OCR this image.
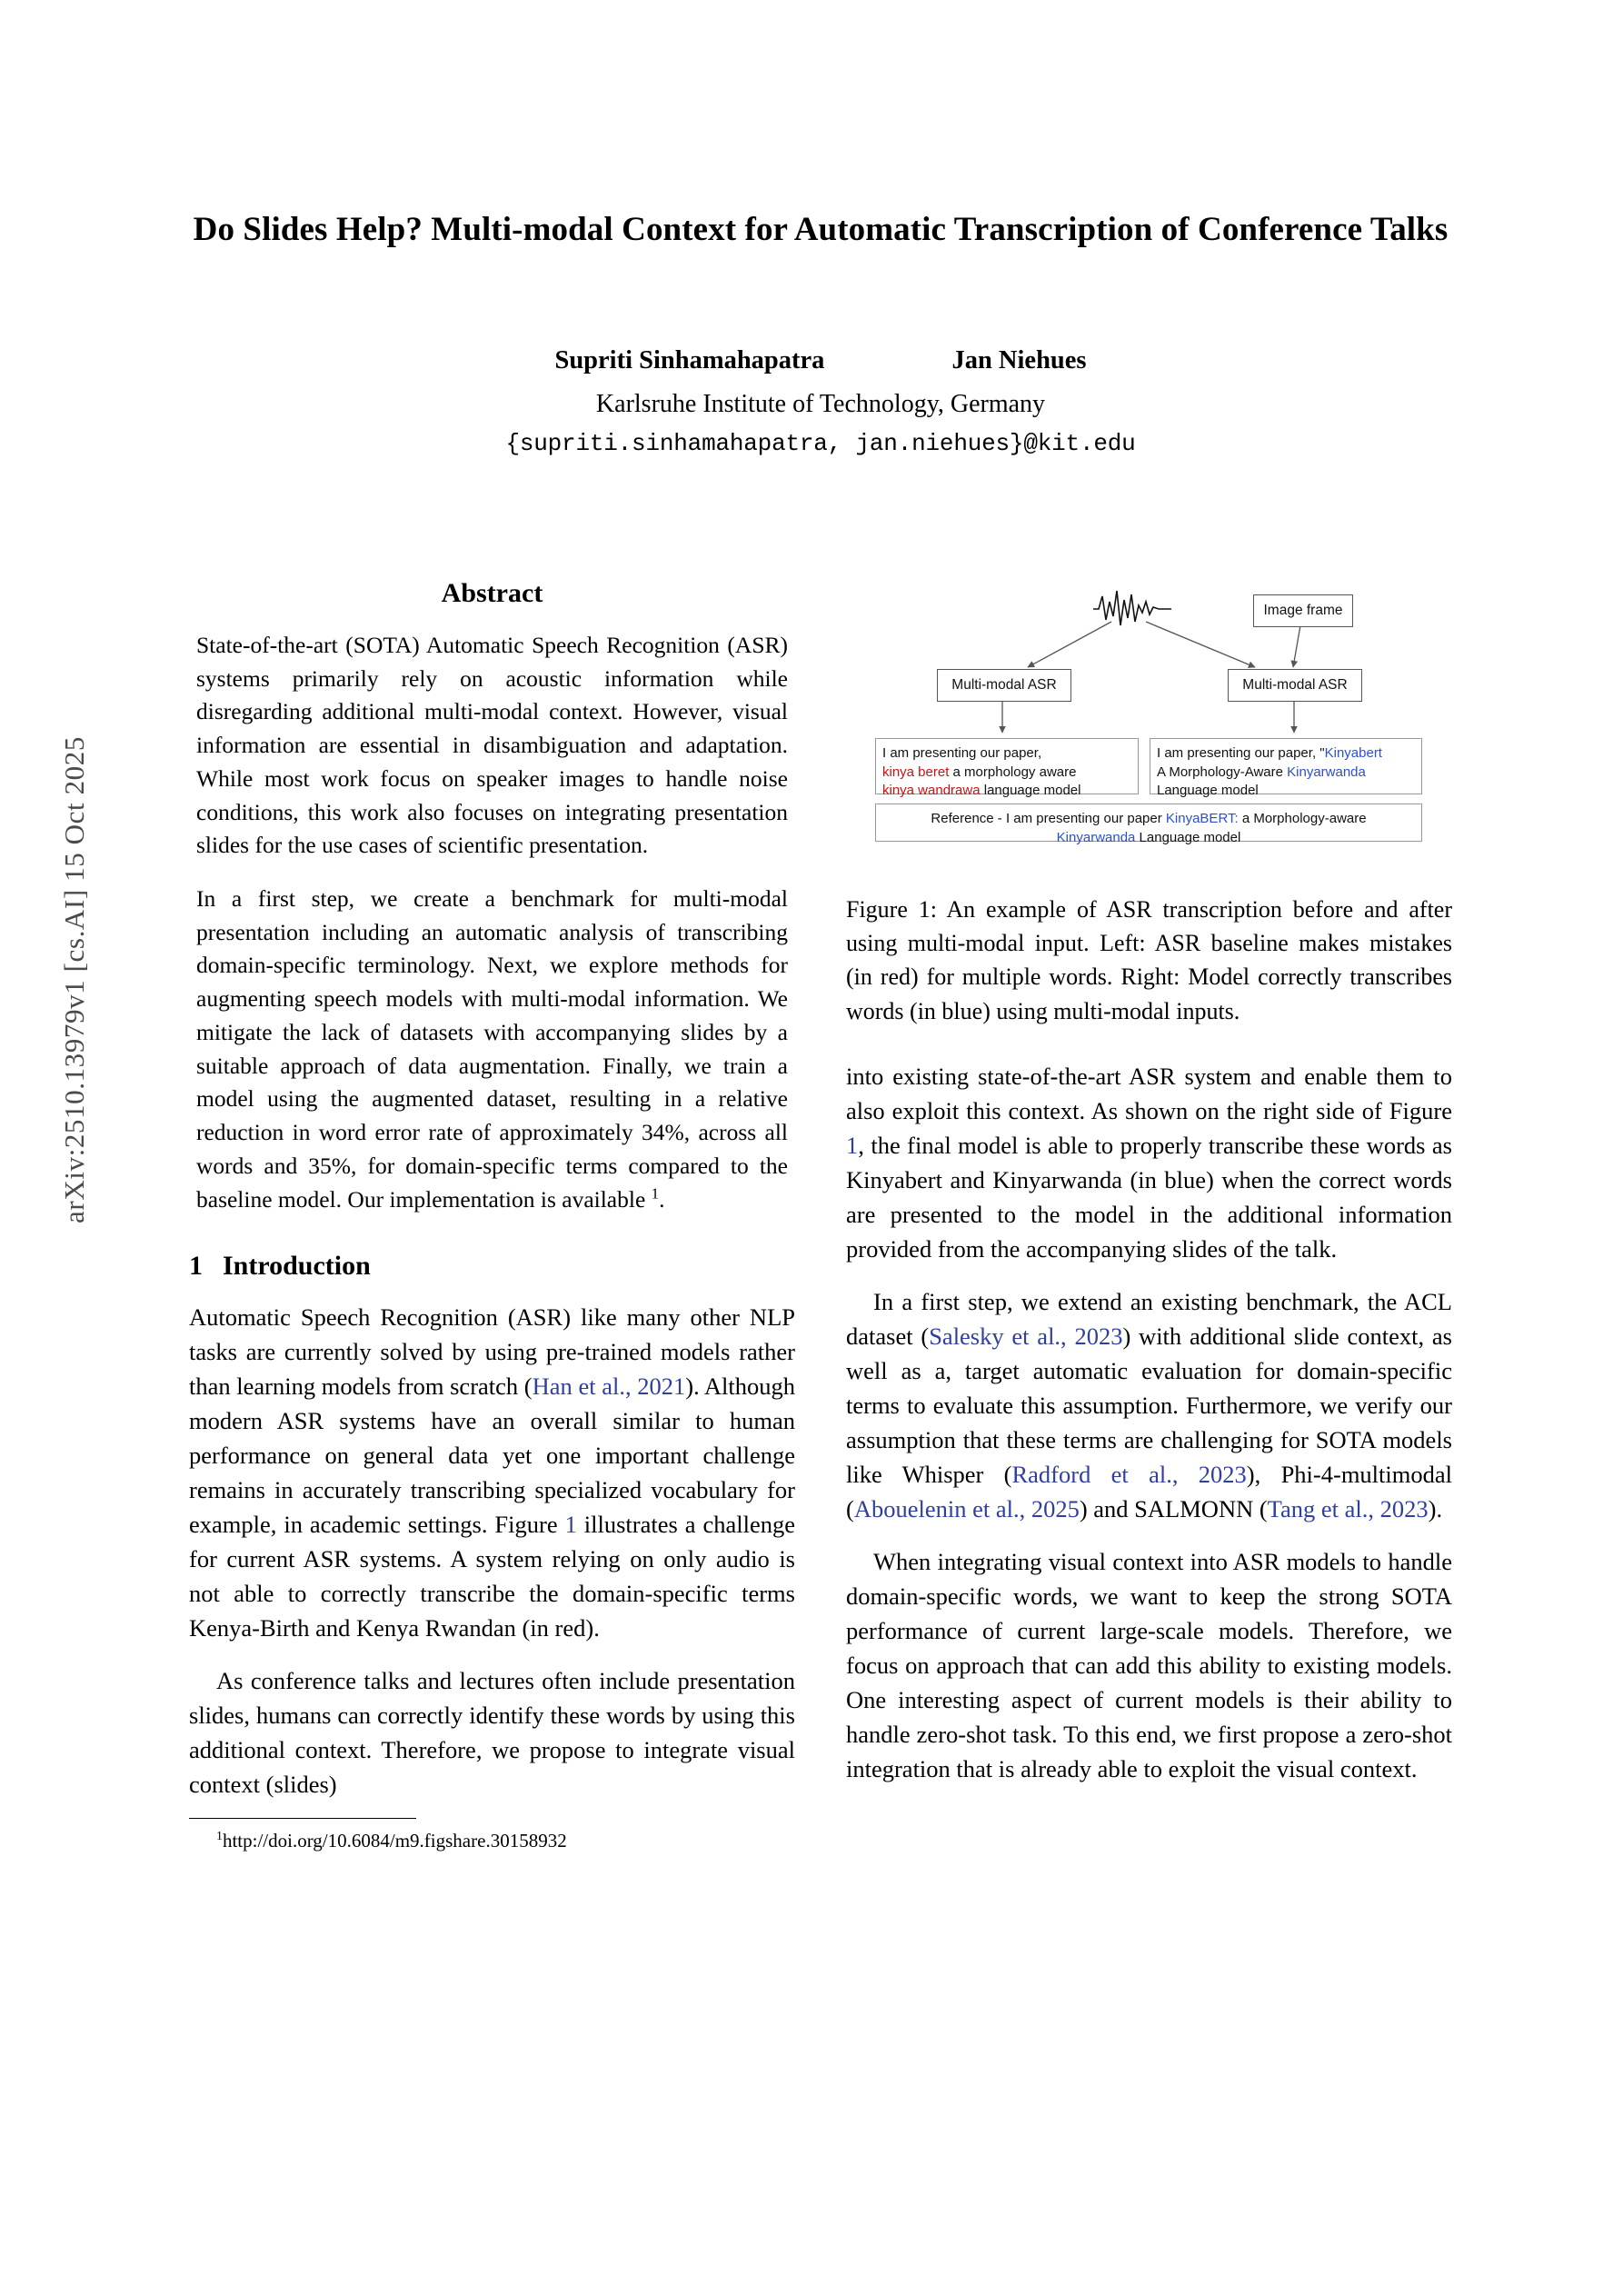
arXiv:2510.13979v1 [cs.AI] 15 Oct 2025
Do Slides Help? Multi-modal Context for Automatic Transcription of Conference Talks
Supriti Sinhamahapatra	Jan Niehues
Karlsruhe Institute of Technology, Germany
{supriti.sinhamahapatra, jan.niehues}@kit.edu
Abstract

State-of-the-art (SOTA) Automatic Speech Recognition (ASR) systems primarily rely on acoustic information while disregarding additional multi-modal context. However, visual information are essential in disambiguation and adaptation. While most work focus on speaker images to handle noise conditions, this work also focuses on integrating presentation slides for the use cases of scientific presentation.

In a first step, we create a benchmark for multi-modal presentation including an automatic analysis of transcribing domain-specific terminology. Next, we explore methods for augmenting speech models with multi-modal information. We mitigate the lack of datasets with accompanying slides by a suitable approach of data augmentation. Finally, we train a model using the augmented dataset, resulting in a relative reduction in word error rate of approximately 34%, across all words and 35%, for domain-specific terms compared to the baseline model. Our implementation is available $^1$.

1 Introduction

Automatic Speech Recognition (ASR) like many other NLP tasks are currently solved by using pre-trained models rather than learning models from scratch (Han et al., 2021). Although modern ASR systems have an overall similar to human performance on general data yet one important challenge remains in accurately transcribing specialized vocabulary for example, in academic settings. Figure 1 illustrates a challenge for current ASR systems. A system relying on only audio is not able to correctly transcribe the domain-specific terms Kenya-Birth and Kenya Rwandan (in red).

As conference talks and lectures often include presentation slides, humans can correctly identify these words by using this additional context. Therefore, we propose to integrate visual context (slides)

$^1$http://doi.org/10.6084/m9.figshare.30158932
Image frame
Multi-modal ASR	Multi-modal ASR
I am presenting our paper,
kinya beret a morphology aware
kinya wandrawa language model
I am presenting our paper, "Kinyabert
A Morphology-Aware Kinyarwanda
Language model
Reference - I am presenting our paper KinyaBERT: a Morphology-aware
Kinyarwanda Language model
Figure 1: An example of ASR transcription before and after using multi-modal input. Left: ASR baseline makes mistakes (in red) for multiple words. Right: Model correctly transcribes words (in blue) using multi-modal inputs.

into existing state-of-the-art ASR system and enable them to also exploit this context. As shown on the right side of Figure 1, the final model is able to properly transcribe these words as Kinyabert and Kinyarwanda (in blue) when the correct words are presented to the model in the additional information provided from the accompanying slides of the talk.

In a first step, we extend an existing benchmark, the ACL dataset (Salesky et al., 2023) with additional slide context, as well as a, target automatic evaluation for domain-specific terms to evaluate this assumption. Furthermore, we verify our assumption that these terms are challenging for SOTA models like Whisper (Radford et al., 2023), Phi-4-multimodal (Abouelenin et al., 2025) and SALMONN (Tang et al., 2023).

When integrating visual context into ASR models to handle domain-specific words, we want to keep the strong SOTA performance of current large-scale models. Therefore, we focus on approach that can add this ability to existing models. One interesting aspect of current models is their ability to handle zero-shot task. To this end, we first propose a zero-shot integration that is already able to exploit the visual context.
